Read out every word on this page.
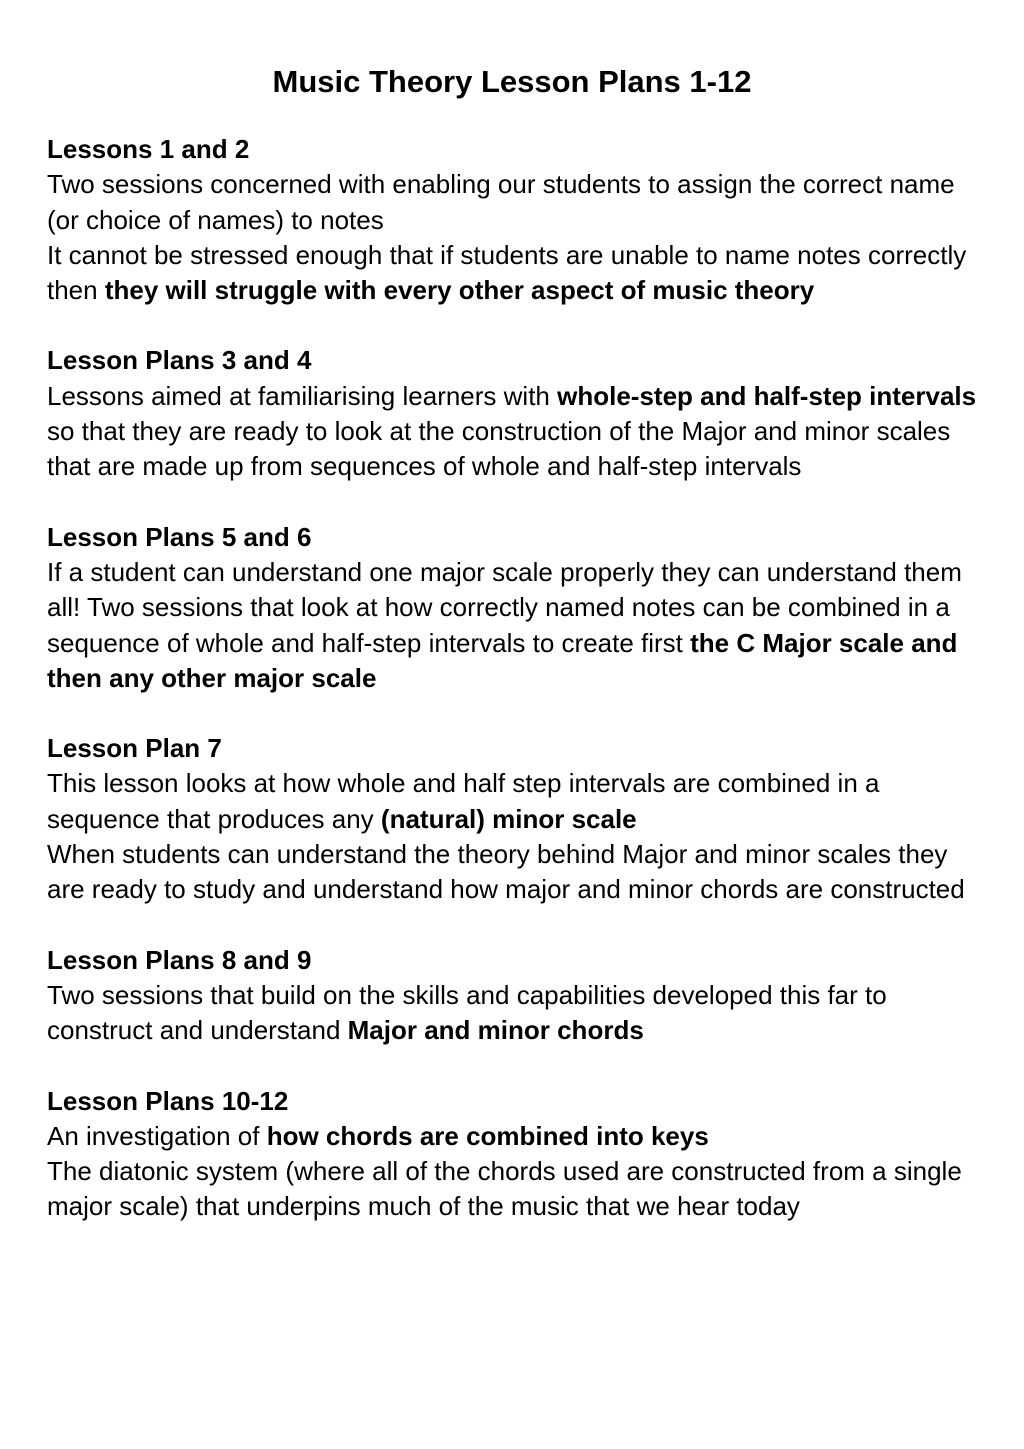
Music Theory Lesson Plans 1-12

Lessons 1 and 2

Two sessions concerned with enabling our students to assign the correct name (or choice of names) to notes

It cannot be stressed enough that if students are unable to name notes correctly then they will struggle with every other aspect of music theory

Lesson Plans 3 and 4

Lessons aimed at familiarising learners with whole-step and half-step intervals so that they are ready to look at the construction of the Major and minor scales that are made up from sequences of whole and half-step intervals

Lesson Plans 5 and 6

If a student can understand one major scale properly they can understand them all! Two sessions that look at how correctly named notes can be combined in a sequence of whole and half-step intervals to create first the C Major scale and then any other major scale

Lesson Plan 7

This lesson looks at how whole and half step intervals are combined in a sequence that produces any (natural) minor scale

When students can understand the theory behind Major and minor scales they are ready to study and understand how major and minor chords are constructed

Lesson Plans 8 and 9

Two sessions that build on the skills and capabilities developed this far to construct and understand Major and minor chords

Lesson Plans 10-12

An investigation of how chords are combined into keys

The diatonic system (where all of the chords used are constructed from a single major scale) that underpins much of the music that we hear today
